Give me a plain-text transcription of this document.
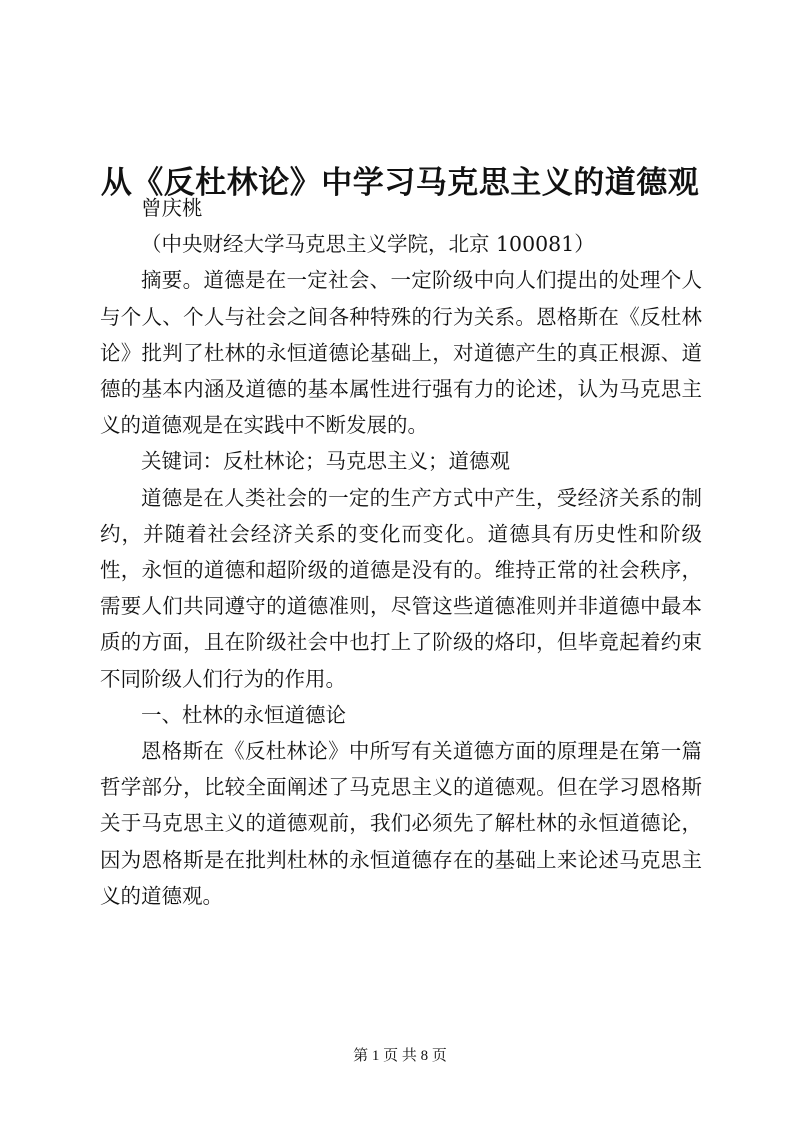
从《反杜林论》中学习马克思主义的道德观

曾庆桃

（中央财经大学马克思主义学院，北京 100081）

摘要。道德是在一定社会、一定阶级中向人们提出的处理个人与个人、个人与社会之间各种特殊的行为关系。恩格斯在《反杜林论》批判了杜林的永恒道德论基础上，对道德产生的真正根源、道德的基本内涵及道德的基本属性进行强有力的论述，认为马克思主义的道德观是在实践中不断发展的。

关键词：反杜林论；马克思主义；道德观

道德是在人类社会的一定的生产方式中产生，受经济关系的制约，并随着社会经济关系的变化而变化。道德具有历史性和阶级性，永恒的道德和超阶级的道德是没有的。维持正常的社会秩序，需要人们共同遵守的道德准则，尽管这些道德准则并非道德中最本质的方面，且在阶级社会中也打上了阶级的烙印，但毕竟起着约束不同阶级人们行为的作用。

一、杜林的永恒道德论

恩格斯在《反杜林论》中所写有关道德方面的原理是在第一篇哲学部分，比较全面阐述了马克思主义的道德观。但在学习恩格斯关于马克思主义的道德观前，我们必须先了解杜林的永恒道德论，因为恩格斯是在批判杜林的永恒道德存在的基础上来论述马克思主义的道德观。

第 1 页 共 8 页
